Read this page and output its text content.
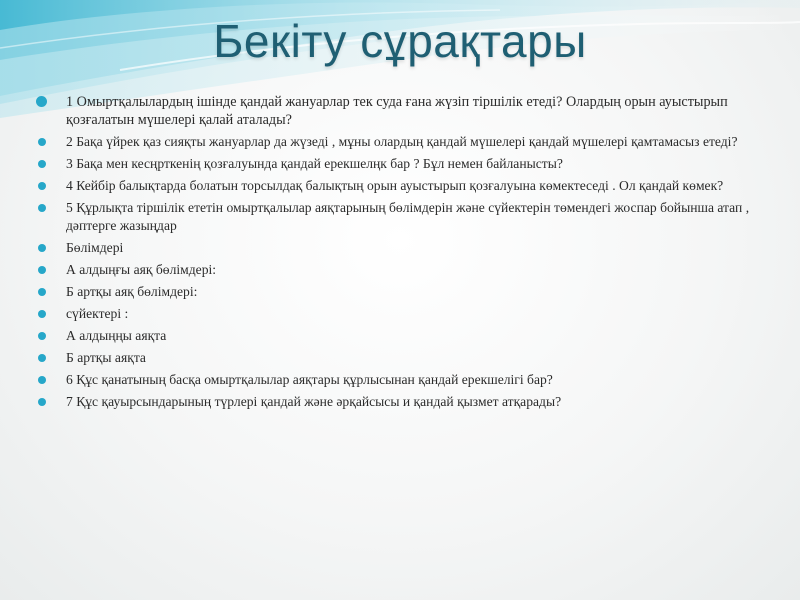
Бекіту сұрақтары
1 Омыртқалылардың ішінде қандай жануарлар тек суда ғана жүзіп тіршілік етеді? Олардың орын ауыстырып қозғалатын мүшелері қалай аталады?
2 Бақа үйрек қаз сияқты жануарлар да жүзеді , мұны олардың қандай мүшелері қандай мүшелері қамтамасыз етеді?
3 Бақа мен кесңрткенің қозғалуында қандай ерекшелңк бар ? Бұл немен байланысты?
4 Кейбір балықтарда болатын торсылдақ балықтың орын ауыстырып қозғалуына көмектеседі . Ол қандай көмек?
5 Құрлықта тіршілік ететін омыртқалылар аяқтарының бөлімдерін және сүйектерін төмендегі жоспар бойынша атап , дәптерге жазыңдар
Бөлімдері
А алдыңғы аяқ бөлімдері:
Б артқы аяқ бөлімдері:
сүйектері :
А алдыңңы аяқта
Б артқы аяқта
6 Құс қанатының басқа омыртқалылар аяқтары құрлысынан қандай ерекшелігі бар?
7 Құс қауырсындарының түрлері қандай және әрқайсысы и қандай қызмет атқарады?
